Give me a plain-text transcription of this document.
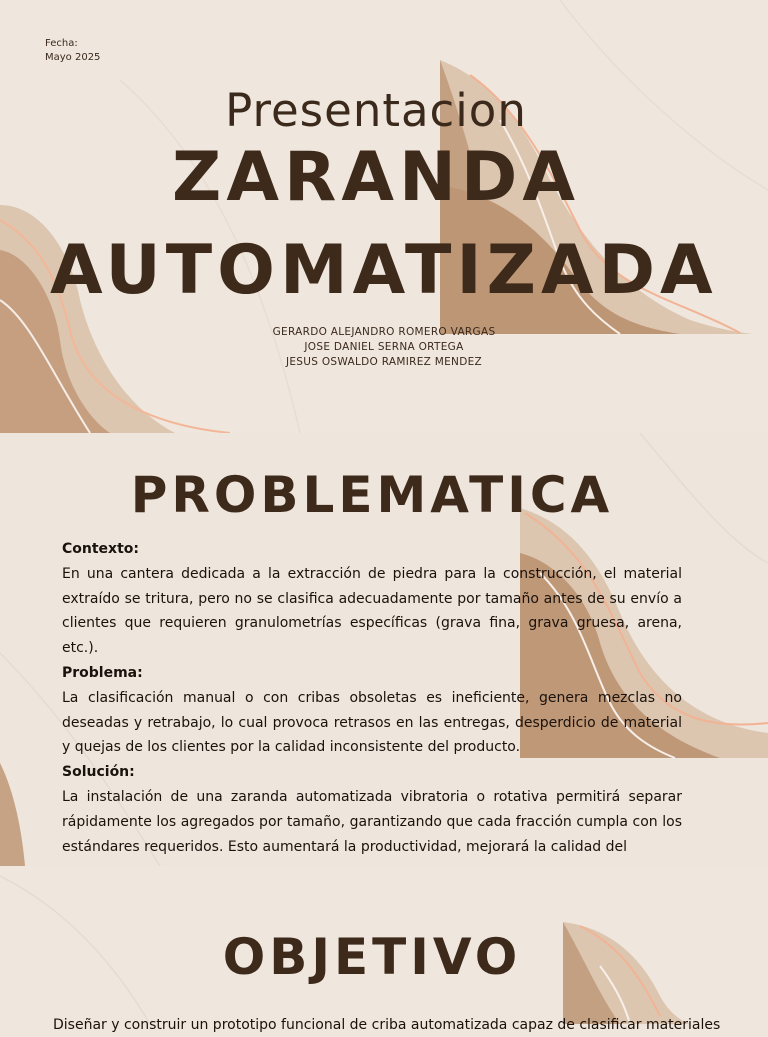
Fecha:
Mayo 2025
Presentacion
GERARDO ALEJANDRO ROMERO VARGAS
JOSE DANIEL SERNA ORTEGA
JESUS OSWALDO RAMIREZ MENDEZ
ZARANDA AUTOMATIZADA
PROBLEMATICA

Contexto:

En una cantera dedicada a la extracción de piedra para la construcción, el material extraído se tritura, pero no se clasifica adecuadamente por tamaño antes de su envío a clientes que requieren granulometrías específicas (grava fina, grava gruesa, arena, etc.).

Problema:

La clasificación manual o con cribas obsoletas es ineficiente, genera mezclas no deseadas y retrabajo, lo cual provoca retrasos en las entregas, desperdicio de material y quejas de los clientes por la calidad inconsistente del producto.

Solución:

La instalación de una zaranda automatizada vibratoria o rotativa permitirá separar rápidamente los agregados por tamaño, garantizando que cada fracción cumpla con los estándares requeridos. Esto aumentará la productividad, mejorará la calidad del

OBJETIVO
Diseñar y construir un prototipo funcional de criba automatizada capaz de clasificar materiales
